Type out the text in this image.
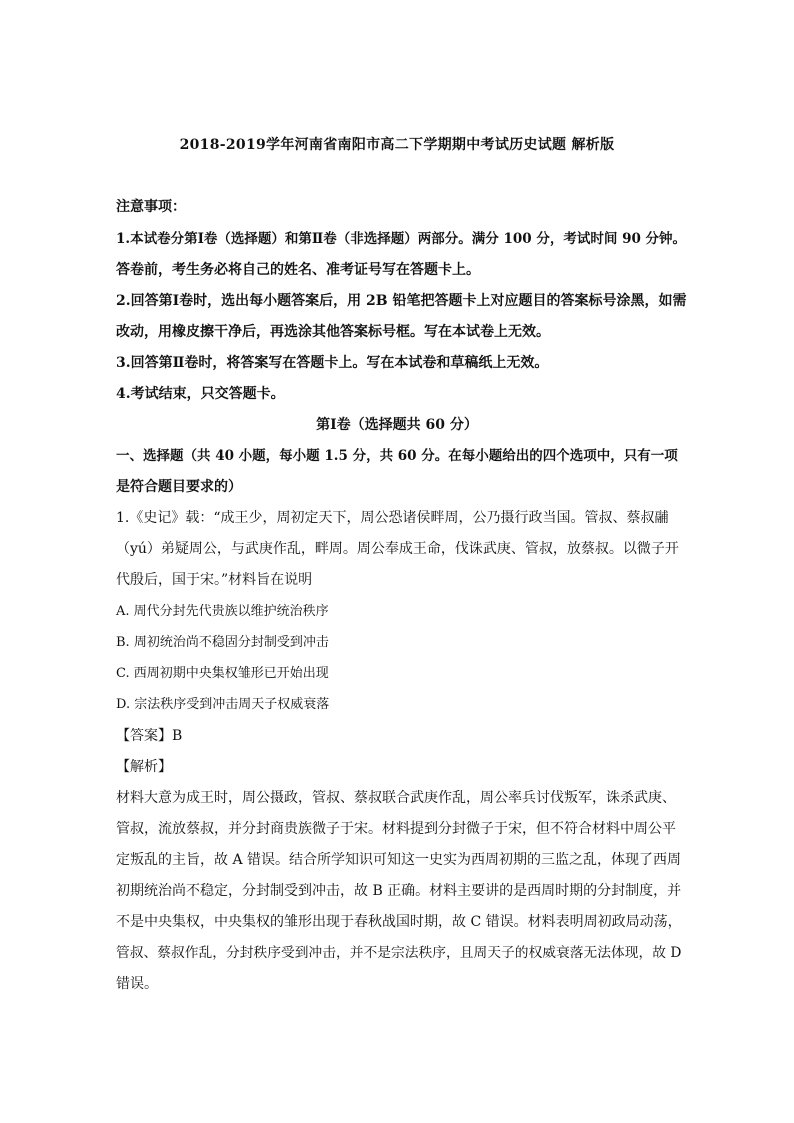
2018-2019学年河南省南阳市高二下学期期中考试历史试题 解析版
注意事项：
1.本试卷分第Ⅰ卷（选择题）和第Ⅱ卷（非选择题）两部分。满分 100 分，考试时间 90 分钟。
答卷前，考生务必将自己的姓名、准考证号写在答题卡上。
2.回答第Ⅰ卷时，选出每小题答案后，用 2B 铅笔把答题卡上对应题目的答案标号涂黑，如需
改动，用橡皮擦干净后，再选涂其他答案标号框。写在本试卷上无效。
3.回答第Ⅱ卷时，将答案写在答题卡上。写在本试卷和草稿纸上无效。
4.考试结束，只交答题卡。
第Ⅰ卷（选择题共 60 分）
一、选择题（共 40 小题，每小题 1.5 分，共 60 分。在每小题给出的四个选项中，只有一项
是符合题目要求的）
1.《史记》载：“成王少，周初定天下，周公恐诸侯畔周，公乃摄行政当国。管叔、蔡叔鬴
（yú）弟疑周公，与武庚作乱，畔周。周公奉成王命，伐诛武庚、管叔，放蔡叔。以微子开
代殷后，国于宋。”材料旨在说明
A. 周代分封先代贵族以维护统治秩序
B. 周初统治尚不稳固分封制受到冲击
C. 西周初期中央集权雏形已开始出现
D. 宗法秩序受到冲击周天子权威衰落
【答案】B
【解析】
材料大意为成王时，周公摄政，管叔、蔡叔联合武庚作乱，周公率兵讨伐叛军，诛杀武庚、
管叔，流放蔡叔，并分封商贵族微子于宋。材料提到分封微子于宋，但不符合材料中周公平
定叛乱的主旨，故 A 错误。结合所学知识可知这一史实为西周初期的三监之乱，体现了西周
初期统治尚不稳定，分封制受到冲击，故 B 正确。材料主要讲的是西周时期的分封制度，并
不是中央集权，中央集权的雏形出现于春秋战国时期，故 C 错误。材料表明周初政局动荡，
管叔、蔡叔作乱，分封秩序受到冲击，并不是宗法秩序，且周天子的权威衰落无法体现，故 D
错误。
